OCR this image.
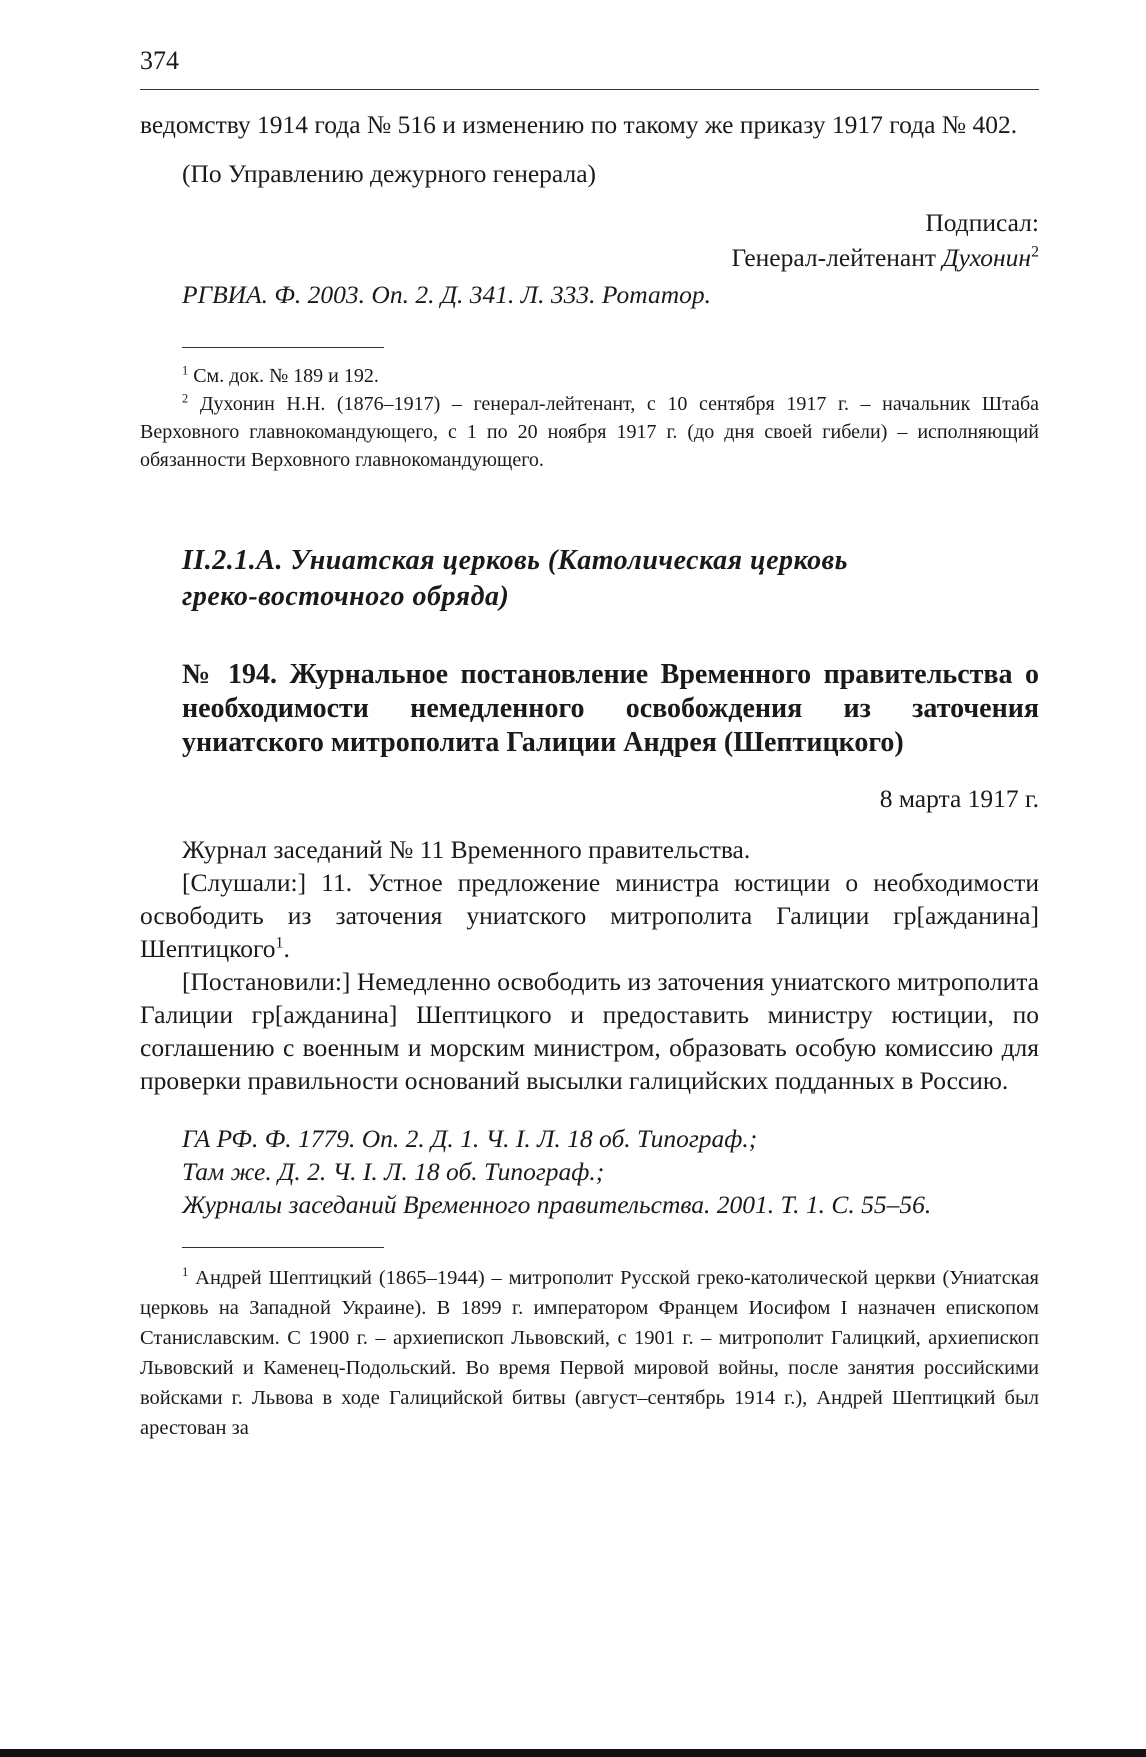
374

ведомству 1914 года № 516 и изменению по такому же приказу 1917 года № 402.

(По Управлению дежурного генерала)

Подписал:

Генерал-лейтенант Духонин$^2$

РГВИА. Ф. 2003. Оп. 2. Д. 341. Л. 333. Ротатор.

$^1$ См. док. № 189 и 192.

$^2$ Духонин Н.Н. (1876–1917) – генерал-лейтенант, с 10 сентября 1917 г. – начальник Штаба Верховного главнокомандующего, с 1 по 20 ноября 1917 г. (до дня своей гибели) – исполняющий обязанности Верховного главнокомандующего.

II.2.1.А. Униатская церковь (Католическая церковь греко-восточного обряда)

№ 194. Журнальное постановление Временного правительства о необходимости немедленного освобождения из заточения униатского митрополита Галиции Андрея (Шептицкого)

8 марта 1917 г.

Журнал заседаний № 11 Временного правительства.

[Слушали:] 11. Устное предложение министра юстиции о необходимости освободить из заточения униатского митрополита Галиции гр[ажданина] Шептицкого$^1$.

[Постановили:] Немедленно освободить из заточения униатского митрополита Галиции гр[ажданина] Шептицкого и предоставить министру юстиции, по соглашению с военным и морским министром, образовать особую комиссию для проверки правильности оснований высылки галицийских подданных в Россию.

ГА РФ. Ф. 1779. Оп. 2. Д. 1. Ч. I. Л. 18 об. Типограф.;

Там же. Д. 2. Ч. I. Л. 18 об. Типограф.;

Журналы заседаний Временного правительства. 2001. Т. 1. С. 55–56.

$^1$ Андрей Шептицкий (1865–1944) – митрополит Русской греко-католической церкви (Униатская церковь на Западной Украине). В 1899 г. императором Францем Иосифом I назначен епископом Станиславским. С 1900 г. – архиепископ Львовский, с 1901 г. – митрополит Галицкий, архиепископ Львовский и Каменец-Подольский. Во время Первой мировой войны, после занятия российскими войсками г. Львова в ходе Галицийской битвы (август–сентябрь 1914 г.), Андрей Шептицкий был арестован за
